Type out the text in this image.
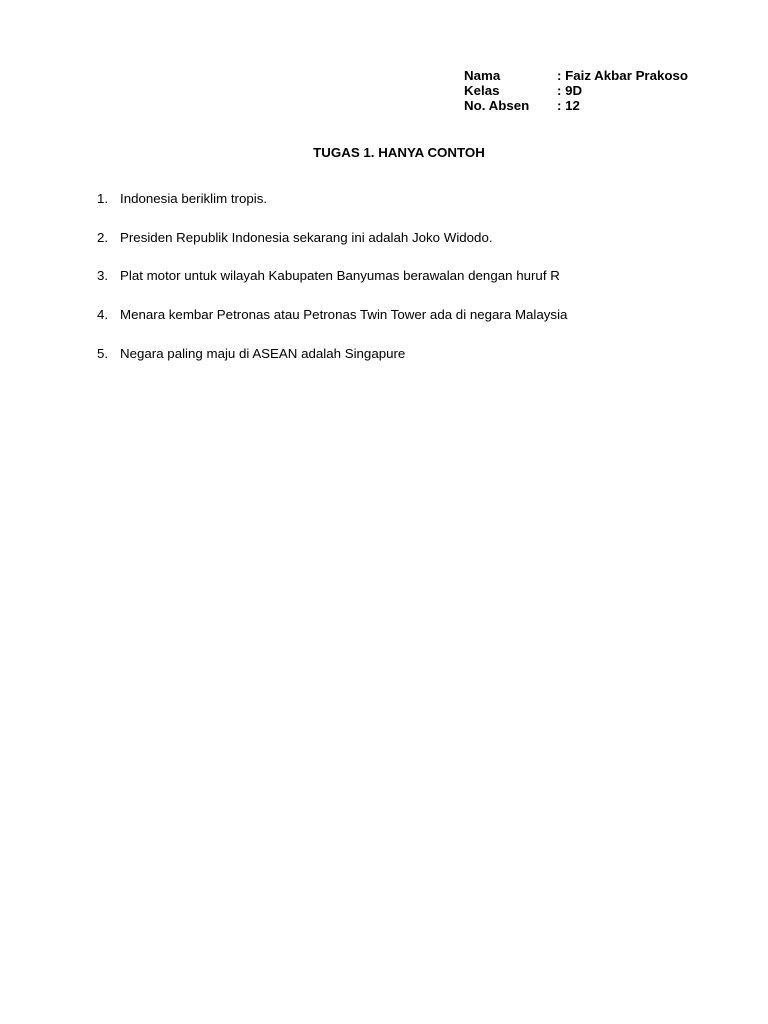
Nama	: Faiz Akbar Prakoso
Kelas	: 9D
No. Absen	: 12
TUGAS 1. HANYA CONTOH
1. Indonesia beriklim tropis.
2. Presiden Republik Indonesia sekarang ini adalah Joko Widodo.
3. Plat motor untuk wilayah Kabupaten Banyumas berawalan dengan huruf R
4. Menara kembar Petronas atau Petronas Twin Tower ada di negara Malaysia
5. Negara paling maju di ASEAN adalah Singapure
